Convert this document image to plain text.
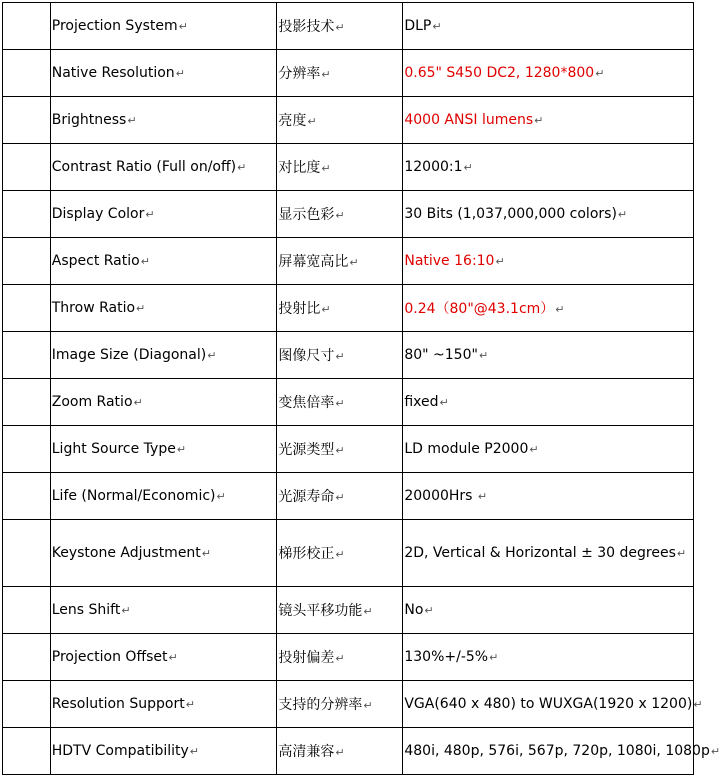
	Projection System↵	投影技术↵	DLP↵
	Native Resolution↵	分辨率↵	0.65" S450 DC2, 1280*800↵
	Brightness↵	亮度↵	4000 ANSI lumens↵
	Contrast Ratio (Full on/off)↵	对比度↵	12000:1↵
	Display Color↵	显示色彩↵	30 Bits (1,037,000,000 colors)↵
	Aspect Ratio↵	屏幕宽高比↵	Native 16:10↵
	Throw Ratio↵	投射比↵	0.24（80"@43.1cm）↵
	Image Size (Diagonal)↵	图像尺寸↵	80" ~150"↵
	Zoom Ratio↵	变焦倍率↵	fixed↵
	Light Source Type↵	光源类型↵	LD module P2000↵
	Life (Normal/Economic)↵	光源寿命↵	20000Hrs ↵
	Keystone Adjustment↵	梯形校正↵	2D, Vertical & Horizontal ± 30 degrees↵
	Lens Shift↵	镜头平移功能↵	No↵
	Projection Offset↵	投射偏差↵	130%+/-5%↵
	Resolution Support↵	支持的分辨率↵	VGA(640 x 480) to WUXGA(1920 x 1200)↵
	HDTV Compatibility↵	高清兼容↵	480i, 480p, 576i, 567p, 720p, 1080i, 1080p↵
